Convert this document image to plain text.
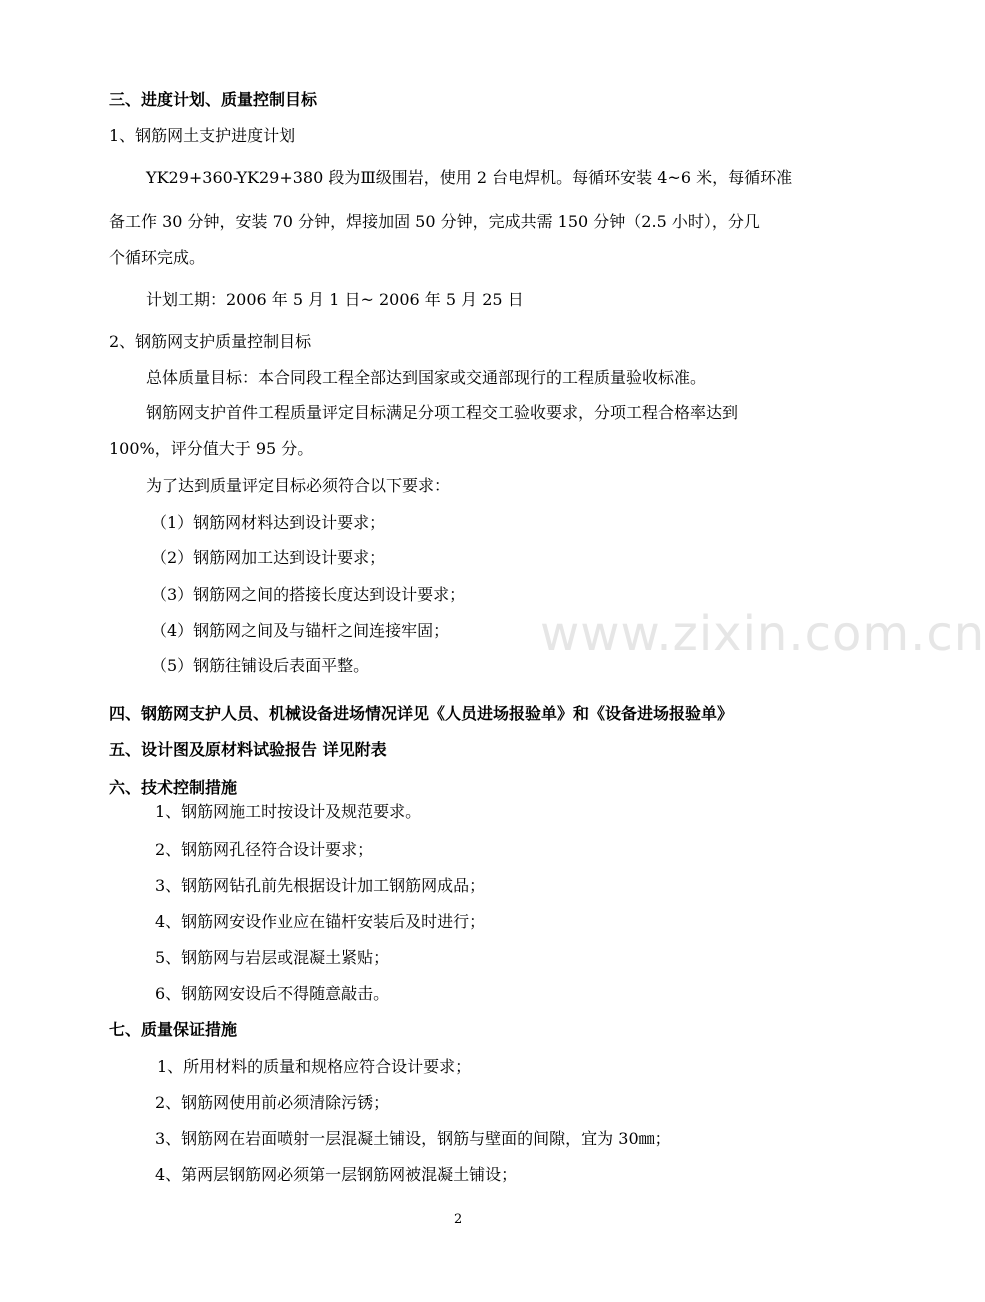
www.zixin.com.cn
三、进度计划、质量控制目标
1、钢筋网土支护进度计划
YK29+360-YK29+380 段为Ⅲ级围岩，使用 2 台电焊机。每循环安装 4~6 米，每循环准
备工作 30 分钟，安装 70 分钟，焊接加固 50 分钟，完成共需 150 分钟（2.5 小时），分几
个循环完成。
计划工期：2006 年 5 月 1 日~ 2006 年 5 月 25 日
2、钢筋网支护质量控制目标
总体质量目标：本合同段工程全部达到国家或交通部现行的工程质量验收标准。
钢筋网支护首件工程质量评定目标满足分项工程交工验收要求，分项工程合格率达到
100%，评分值大于 95 分。
为了达到质量评定目标必须符合以下要求：
（1）钢筋网材料达到设计要求；
（2）钢筋网加工达到设计要求；
（3）钢筋网之间的搭接长度达到设计要求；
（4）钢筋网之间及与锚杆之间连接牢固；
（5）钢筋往铺设后表面平整。
四、钢筋网支护人员、机械设备进场情况详见《人员进场报验单》和《设备进场报验单》
五、设计图及原材料试验报告 详见附表
六、技术控制措施
1、钢筋网施工时按设计及规范要求。
2、钢筋网孔径符合设计要求；
3、钢筋网钻孔前先根据设计加工钢筋网成品；
4、钢筋网安设作业应在锚杆安装后及时进行；
5、钢筋网与岩层或混凝土紧贴；
6、钢筋网安设后不得随意敲击。
七、质量保证措施
1、所用材料的质量和规格应符合设计要求；
2、钢筋网使用前必须清除污锈；
3、钢筋网在岩面喷射一层混凝土铺设，钢筋与壁面的间隙，宜为 30㎜；
4、第两层钢筋网必须第一层钢筋网被混凝土铺设；
2
